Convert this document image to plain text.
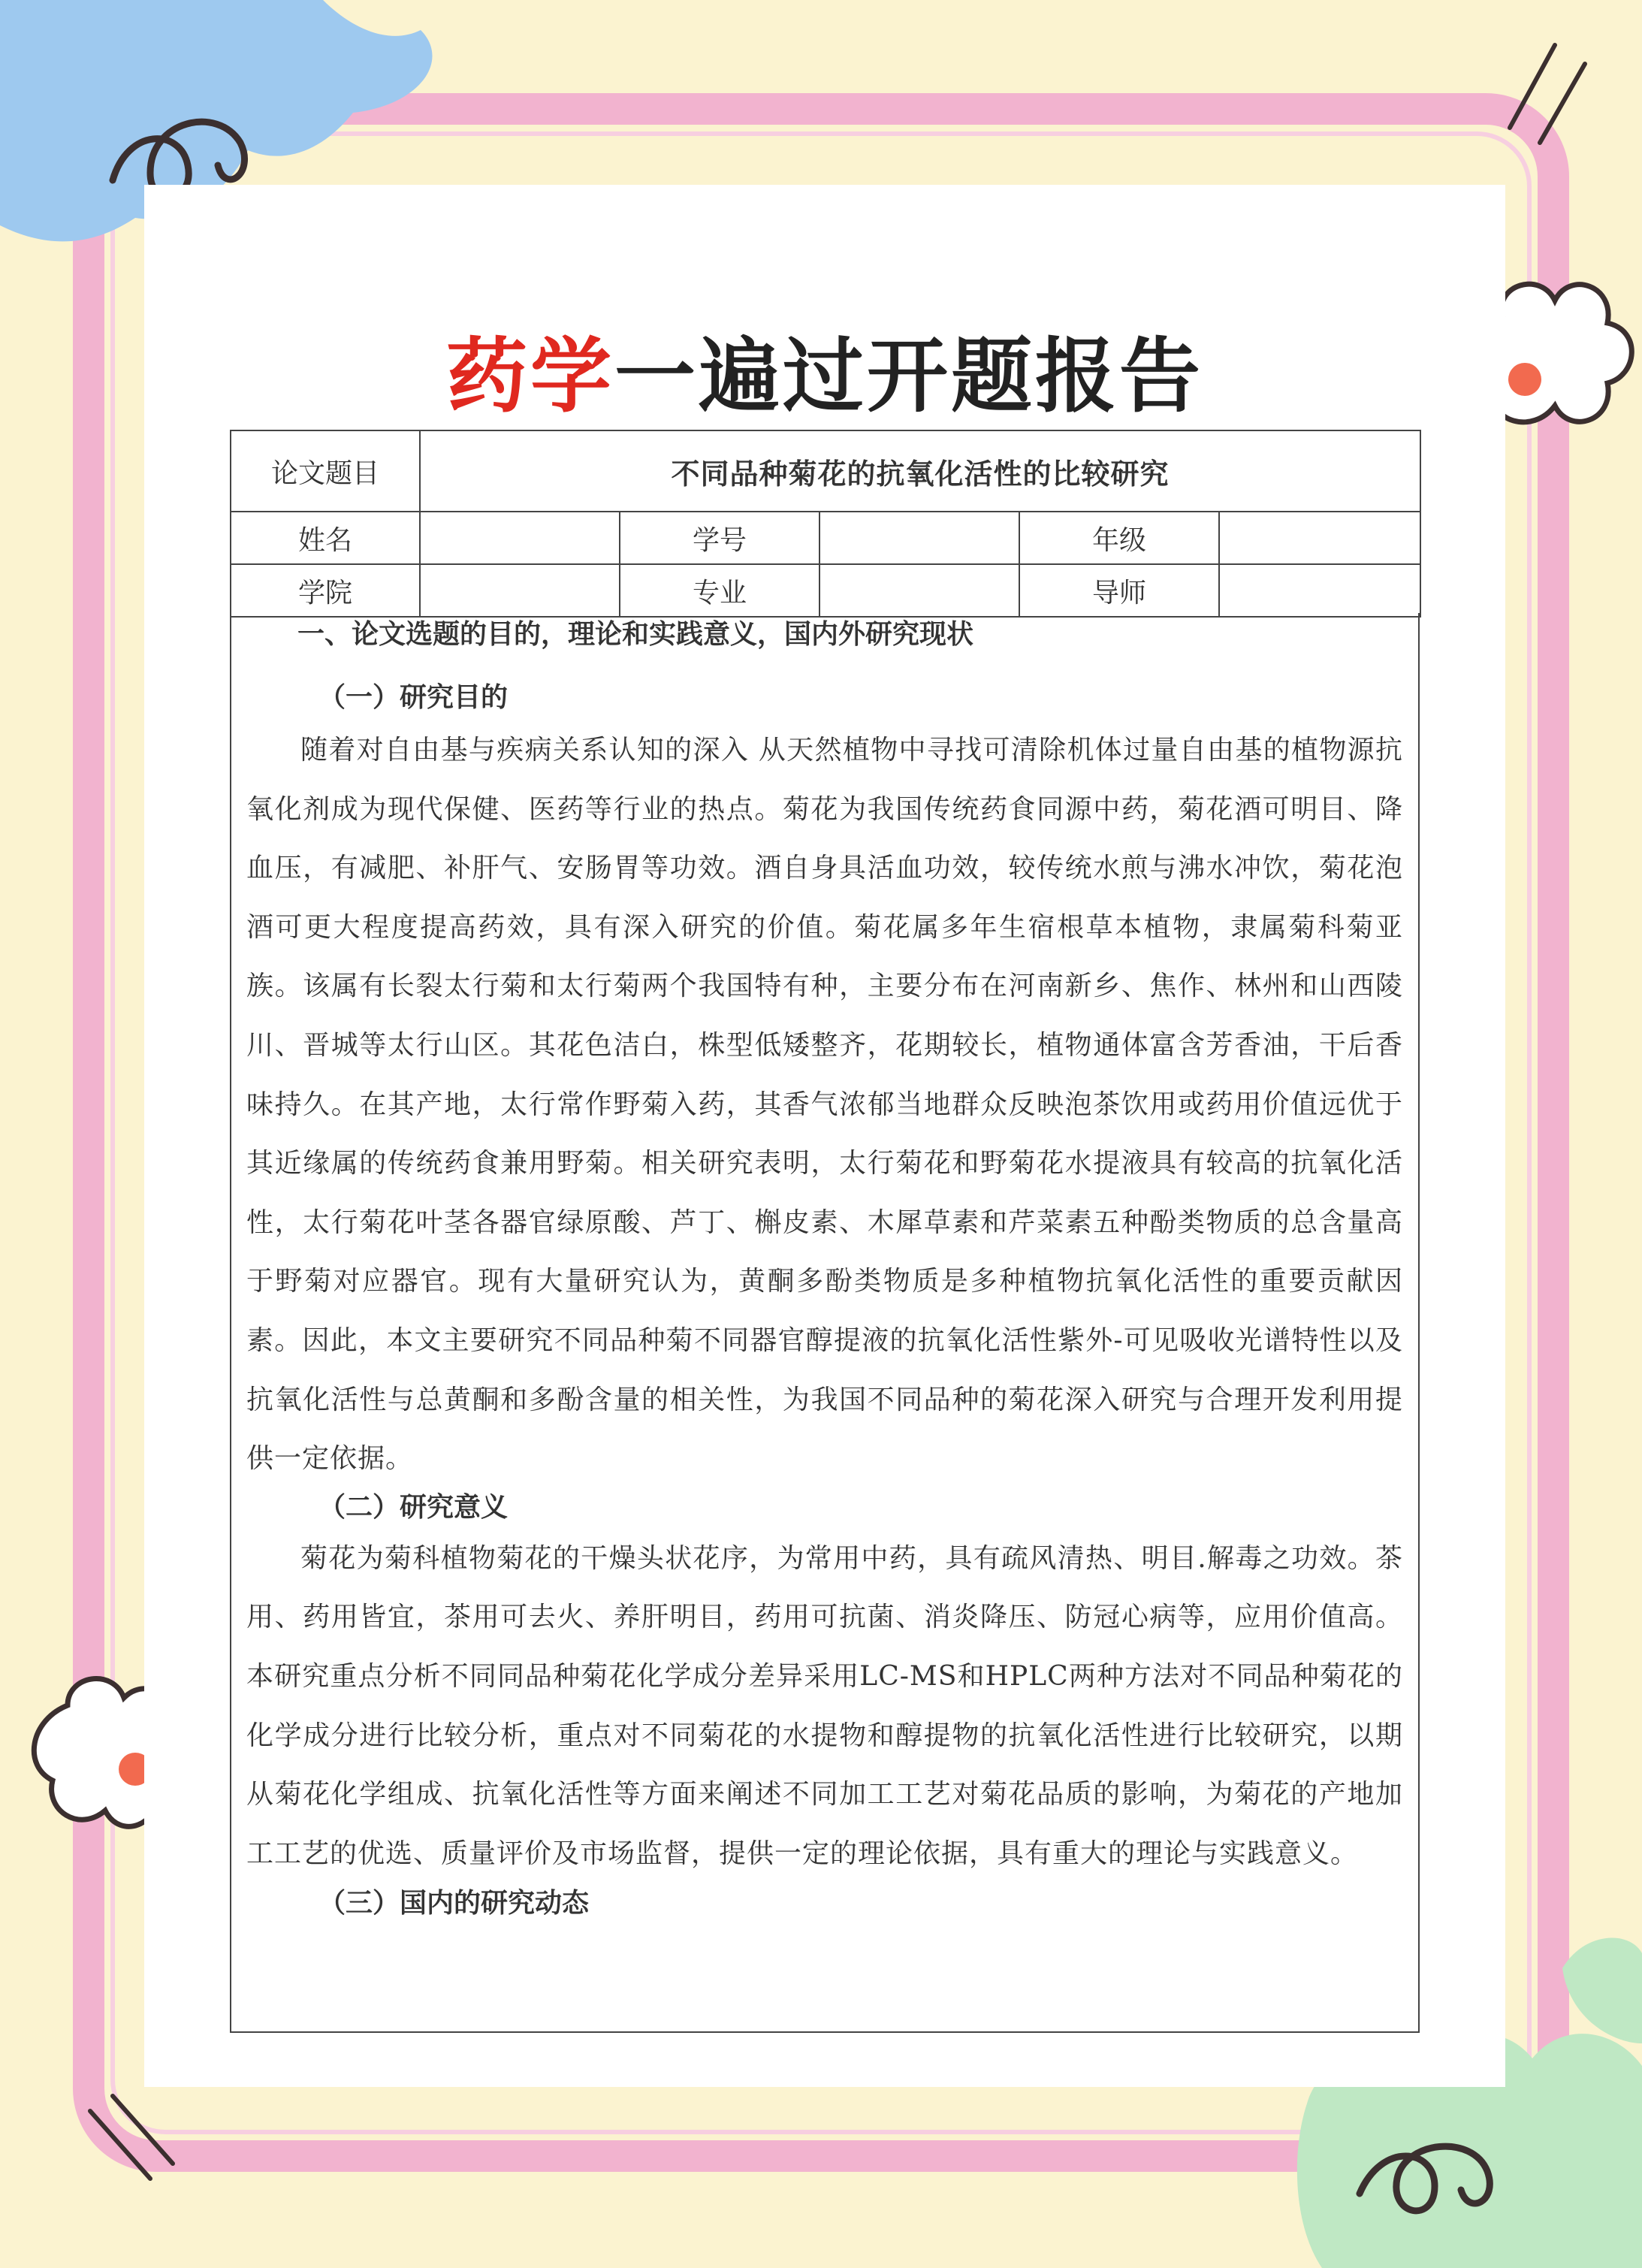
药学一遍过开题报告
论文题目	不同品种菊花的抗氧化活性的比较研究				
姓名		学号		年级	
学院		专业		导师	

一、论文选题的目的，理论和实践意义，国内外研究现状

（一）研究目的

随着对自由基与疾病关系认知的深入 从天然植物中寻找可清除机体过量自由基的植物源抗氧化剂成为现代保健、医药等行业的热点。菊花为我国传统药食同源中药，菊花酒可明目、降血压，有减肥、补肝气、安肠胃等功效。酒自身具活血功效，较传统水煎与沸水冲饮，菊花泡酒可更大程度提高药效，具有深入研究的价值。菊花属多年生宿根草本植物，隶属菊科菊亚族。该属有长裂太行菊和太行菊两个我国特有种，主要分布在河南新乡、焦作、林州和山西陵川、晋城等太行山区。其花色洁白，株型低矮整齐，花期较长，植物通体富含芳香油，干后香味持久。在其产地，太行常作野菊入药，其香气浓郁当地群众反映泡茶饮用或药用价值远优于其近缘属的传统药食兼用野菊。相关研究表明，太行菊花和野菊花水提液具有较高的抗氧化活性，太行菊花叶茎各器官绿原酸、芦丁、槲皮素、木犀草素和芹菜素五种酚类物质的总含量高于野菊对应器官。现有大量研究认为，黄酮多酚类物质是多种植物抗氧化活性的重要贡献因素。因此，本文主要研究不同品种菊不同器官醇提液的抗氧化活性紫外-可见吸收光谱特性以及抗氧化活性与总黄酮和多酚含量的相关性，为我国不同品种的菊花深入研究与合理开发利用提供一定依据。

（二）研究意义

菊花为菊科植物菊花的干燥头状花序，为常用中药，具有疏风清热、明目.解毒之功效。茶用、药用皆宜，茶用可去火、养肝明目，药用可抗菌、消炎降压、防冠心病等，应用价值高。本研究重点分析不同同品种菊花化学成分差异采用LC-MS和HPLC两种方法对不同品种菊花的化学成分进行比较分析，重点对不同菊花的水提物和醇提物的抗氧化活性进行比较研究，以期从菊花化学组成、抗氧化活性等方面来阐述不同加工工艺对菊花品质的影响，为菊花的产地加工工艺的优选、质量评价及市场监督，提供一定的理论依据，具有重大的理论与实践意义。

（三）国内的研究动态
